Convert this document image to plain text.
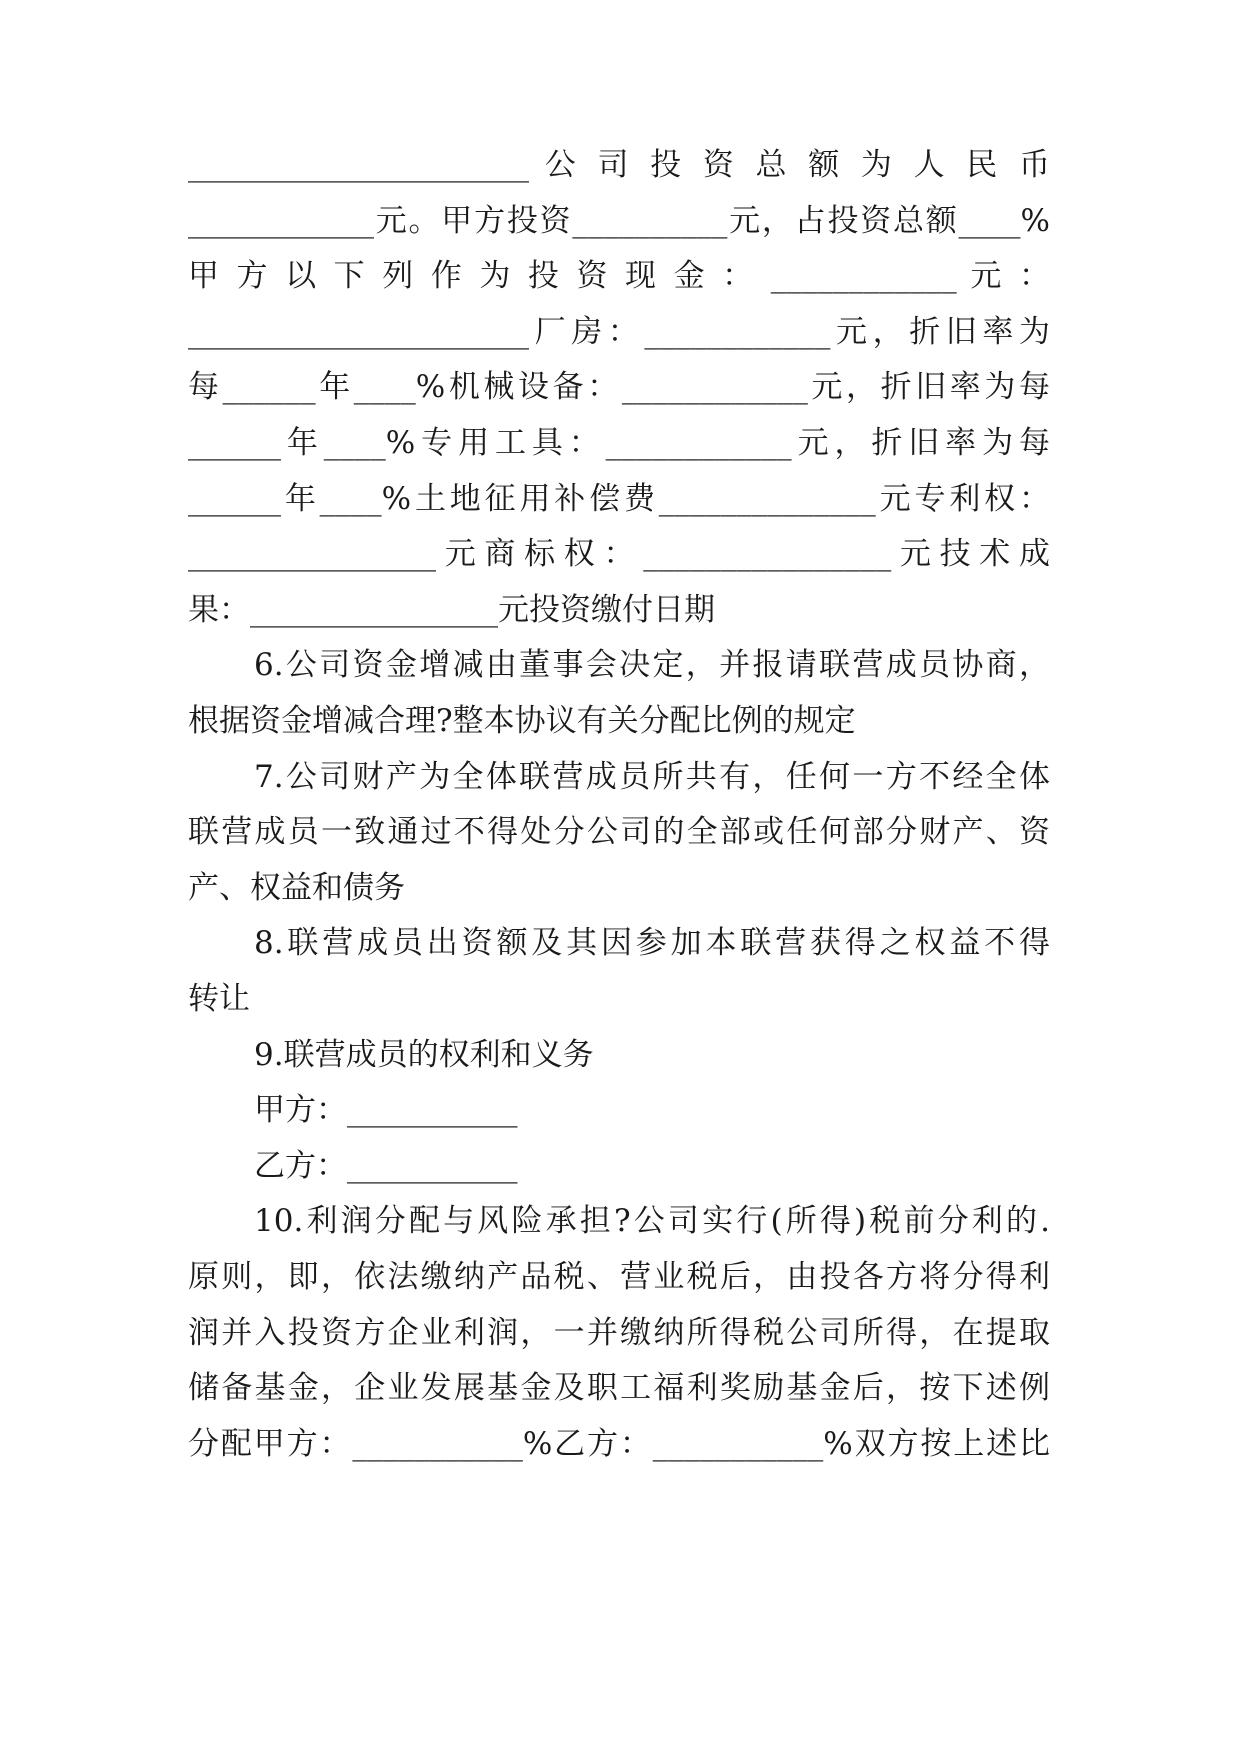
______________________ 公 司 投 资 总 额 为 人 民 币
____________元。甲方投资__________元，占投资总额____%
甲 方 以 下 列 作 为 投 资 现 金 ： ____________ 元 ：
______________________厂房：____________元，折旧率为
每______年____%机械设备：____________元，折旧率为每
______年____%专用工具：____________元，折旧率为每
______年____%土地征用补偿费______________元专利权：
________________元商标权：________________元技术成
果：________________元投资缴付日期
6.公司资金增减由董事会决定，并报请联营成员协商，
根据资金增减合理?整本协议有关分配比例的规定
7.公司财产为全体联营成员所共有，任何一方不经全体
联营成员一致通过不得处分公司的全部或任何部分财产、资
产、权益和债务
8.联营成员出资额及其因参加本联营获得之权益不得
转让
9.联营成员的权利和义务
甲方：___________
乙方：___________
10.利润分配与风险承担?公司实行(所得)税前分利的.
原则，即，依法缴纳产品税、营业税后，由投各方将分得利
润并入投资方企业利润，一并缴纳所得税公司所得，在提取
储备基金，企业发展基金及职工福利奖励基金后，按下述例
分配甲方：___________%乙方：___________%双方按上述比
